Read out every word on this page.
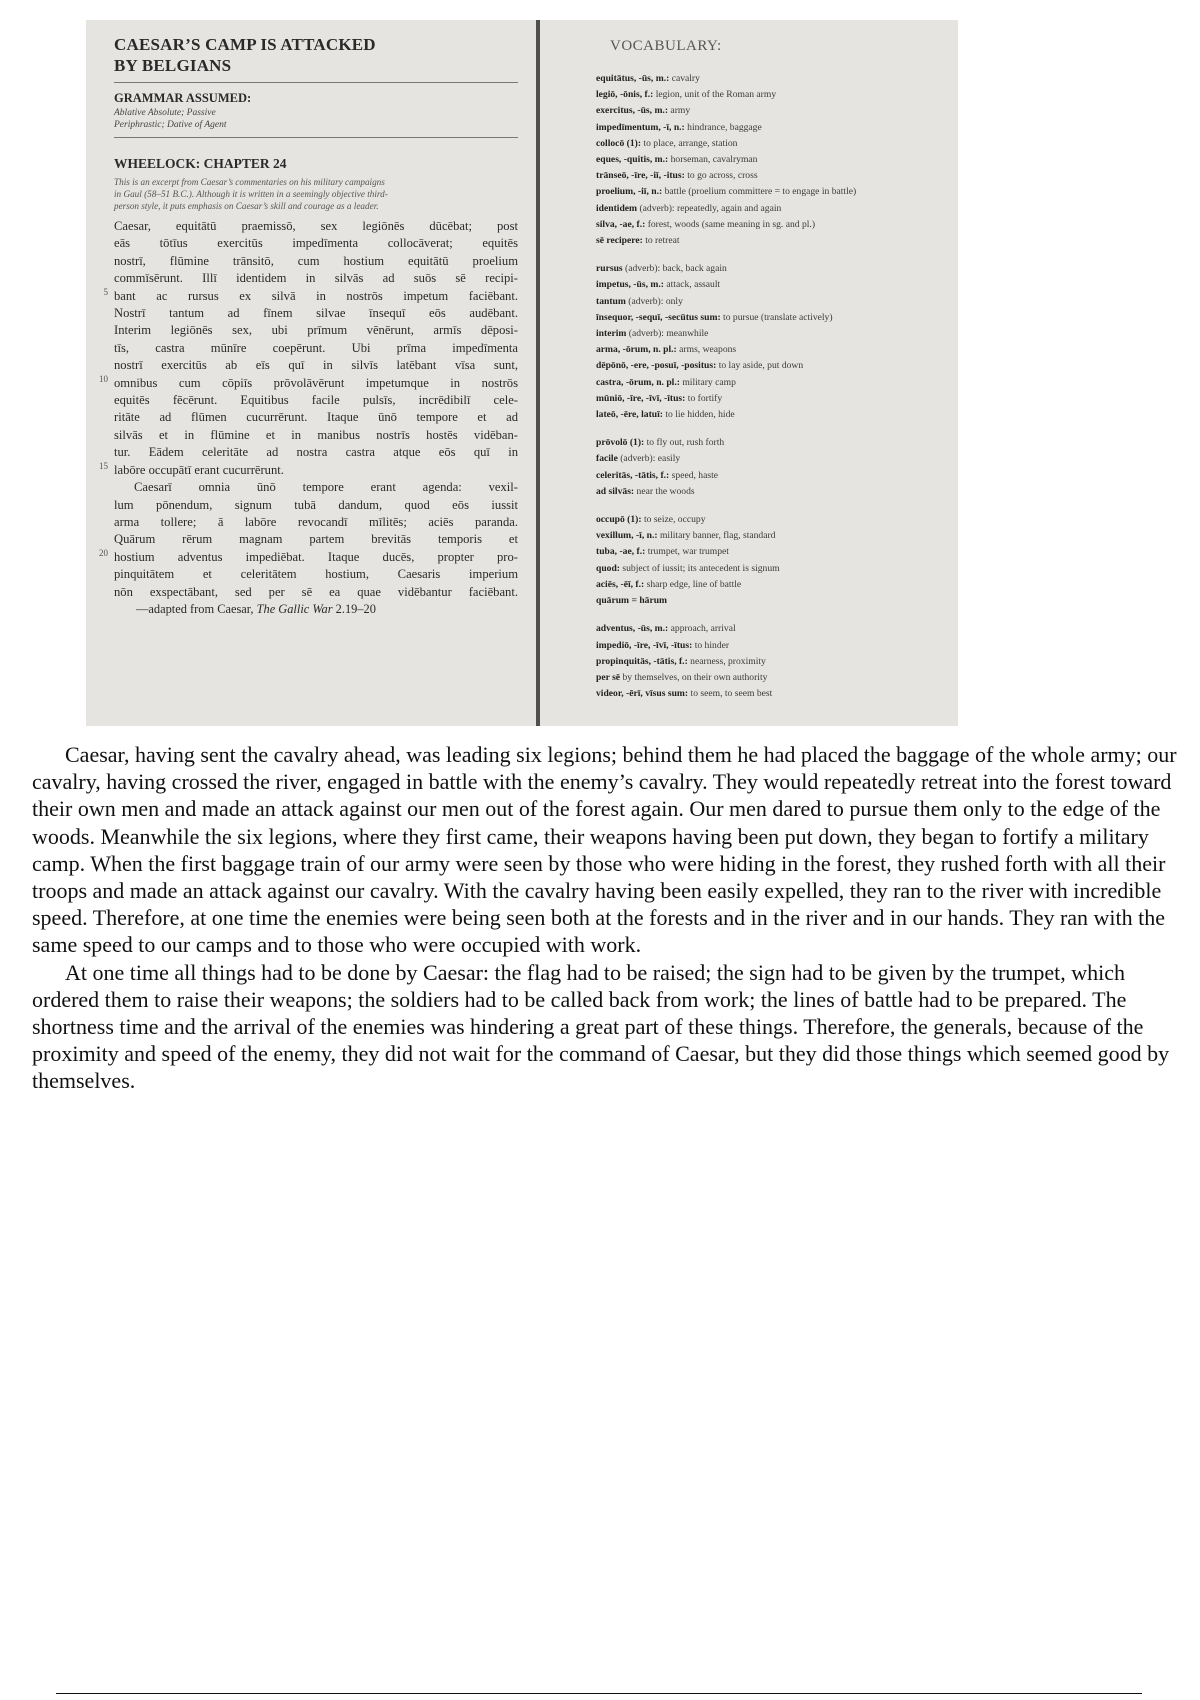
CAESAR’S CAMP IS ATTACKED
BY BELGIANS
GRAMMAR ASSUMED:
Ablative Absolute; Passive
Periphrastic; Dative of Agent
WHEELOCK: CHAPTER 24
This is an excerpt from Caesar’s commentaries on his military campaigns
in Gaul (58–51 B.C.). Although it is written in a seemingly objective third-
person style, it puts emphasis on Caesar’s skill and courage as a leader.
5
10
15
20
Caesar, equitātū praemissō, sex legiōnēs dūcēbat; post
eās tōtīus exercitūs impedīmenta collocāverat; equitēs
nostrī, flūmine trānsitō, cum hostium equitātū proelium
commīsērunt. Illī identidem in silvās ad suōs sē recipi-
bant ac rursus ex silvā in nostrōs impetum faciēbant.
Nostrī tantum ad fīnem silvae īnsequī eōs audēbant.
Interim legiōnēs sex, ubi prīmum vēnērunt, armīs dēposi-
tīs, castra mūnīre coepērunt. Ubi prīma impedīmenta
nostrī exercitūs ab eīs quī in silvīs latēbant vīsa sunt,
omnibus cum cōpiīs prōvolāvērunt impetumque in nostrōs
equitēs fēcērunt. Equitibus facile pulsīs, incrēdibilī cele-
ritāte ad flūmen cucurrērunt. Itaque ūnō tempore et ad
silvās et in flūmine et in manibus nostrīs hostēs vidēban-
tur. Eādem celeritāte ad nostra castra atque eōs quī in
labōre occupātī erant cucurrērunt.
Caesarī omnia ūnō tempore erant agenda: vexil-
lum pōnendum, signum tubā dandum, quod eōs iussit
arma tollere; ā labōre revocandī mīlitēs; aciēs paranda.
Quārum rērum magnam partem brevitās temporis et
hostium adventus impediēbat. Itaque ducēs, propter pro-
pinquitātem et celeritātem hostium, Caesaris imperium
nōn exspectābant, sed per sē ea quae vidēbantur faciēbant.
—adapted from Caesar, The Gallic War 2.19–20
VOCABULARY:
equitātus, -ūs, m.: cavalry
legiō, -ōnis, f.: legion, unit of the Roman army
exercitus, -ūs, m.: army
impedīmentum, -ī, n.: hindrance, baggage
collocō (1): to place, arrange, station
eques, -quitis, m.: horseman, cavalryman
trānseō, -īre, -iī, -itus: to go across, cross
proelium, -iī, n.: battle (proelium committere = to engage in battle)
identidem (adverb): repeatedly, again and again
silva, -ae, f.: forest, woods (same meaning in sg. and pl.)
sē recipere: to retreat
rursus (adverb): back, back again
impetus, -ūs, m.: attack, assault
tantum (adverb): only
īnsequor, -sequī, -secūtus sum: to pursue (translate actively)
interim (adverb): meanwhile
arma, -ōrum, n. pl.: arms, weapons
dēpōnō, -ere, -posuī, -positus: to lay aside, put down
castra, -ōrum, n. pl.: military camp
mūniō, -īre, -īvī, -ītus: to fortify
lateō, -ēre, latuī: to lie hidden, hide
prōvolō (1): to fly out, rush forth
facile (adverb): easily
celeritās, -tātis, f.: speed, haste
ad silvās: near the woods
occupō (1): to seize, occupy
vexillum, -ī, n.: military banner, flag, standard
tuba, -ae, f.: trumpet, war trumpet
quod: subject of iussit; its antecedent is signum
aciēs, -ēī, f.: sharp edge, line of battle
quārum = hārum
adventus, -ūs, m.: approach, arrival
impediō, -īre, -īvī, -ītus: to hinder
propinquitās, -tātis, f.: nearness, proximity
per sē by themselves, on their own authority
videor, -ērī, vīsus sum: to seem, to seem best

Caesar, having sent the cavalry ahead, was leading six legions; behind them he had placed the baggage of the whole army; our cavalry, having crossed the river, engaged in battle with the enemy’s cavalry. They would repeatedly retreat into the forest toward their own men and made an attack against our men out of the forest again. Our men dared to pursue them only to the edge of the woods. Meanwhile the six legions, where they first came, their weapons having been put down, they began to fortify a military camp. When the first baggage train of our army were seen by those who were hiding in the forest, they rushed forth with all their troops and made an attack against our cavalry. With the cavalry having been easily expelled, they ran to the river with incredible speed. Therefore, at one time the enemies were being seen both at the forests and in the river and in our hands. They ran with the same speed to our camps and to those who were occupied with work.

At one time all things had to be done by Caesar: the flag had to be raised; the sign had to be given by the trumpet, which ordered them to raise their weapons; the soldiers had to be called back from work; the lines of battle had to be prepared. The shortness time and the arrival of the enemies was hindering a great part of these things. Therefore, the generals, because of the proximity and speed of the enemy, they did not wait for the command of Caesar, but they did those things which seemed good by themselves.
